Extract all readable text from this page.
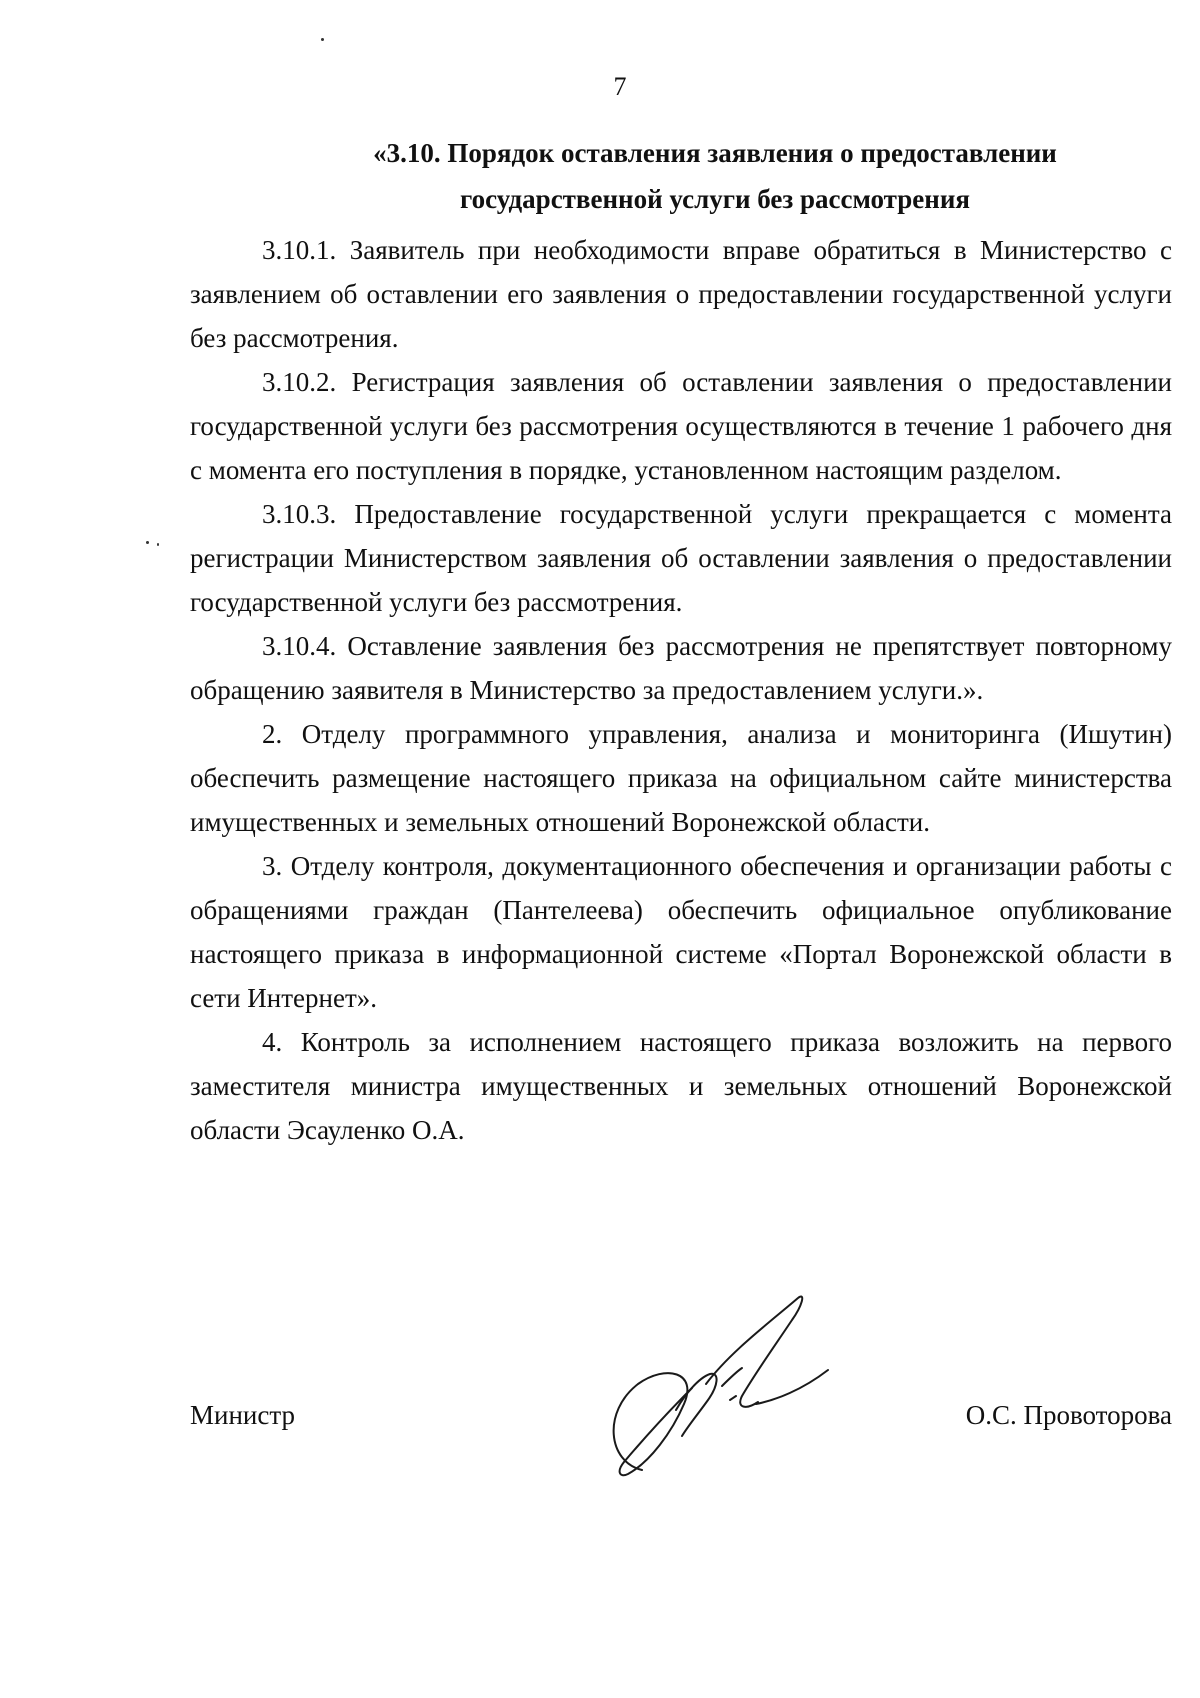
7
«3.10. Порядок оставления заявления о предоставлении
государственной услуги без рассмотрения

3.10.1. Заявитель при необходимости вправе обратиться в Министерство с заявлением об оставлении его заявления о предоставлении государственной услуги без рассмотрения.

3.10.2. Регистрация заявления об оставлении заявления о предоставлении государственной услуги без рассмотрения осуществляются в течение 1 рабочего дня с момента его поступления в порядке, установленном настоящим разделом.

3.10.3. Предоставление государственной услуги прекращается с момента регистрации Министерством заявления об оставлении заявления о предоставлении государственной услуги без рассмотрения.

3.10.4. Оставление заявления без рассмотрения не препятствует повторному обращению заявителя в Министерство за предоставлением услуги.».

2. Отделу программного управления, анализа и мониторинга (Ишутин) обеспечить размещение настоящего приказа на официальном сайте министерства имущественных и земельных отношений Воронежской области.

3. Отделу контроля, документационного обеспечения и организации работы с обращениями граждан (Пантелеева) обеспечить официальное опубликование настоящего приказа в информационной системе «Портал Воронежской области в сети Интернет».

4. Контроль за исполнением настоящего приказа возложить на первого заместителя министра имущественных и земельных отношений Воронежской области Эсауленко О.А.

Министр	О.С. Провоторова
